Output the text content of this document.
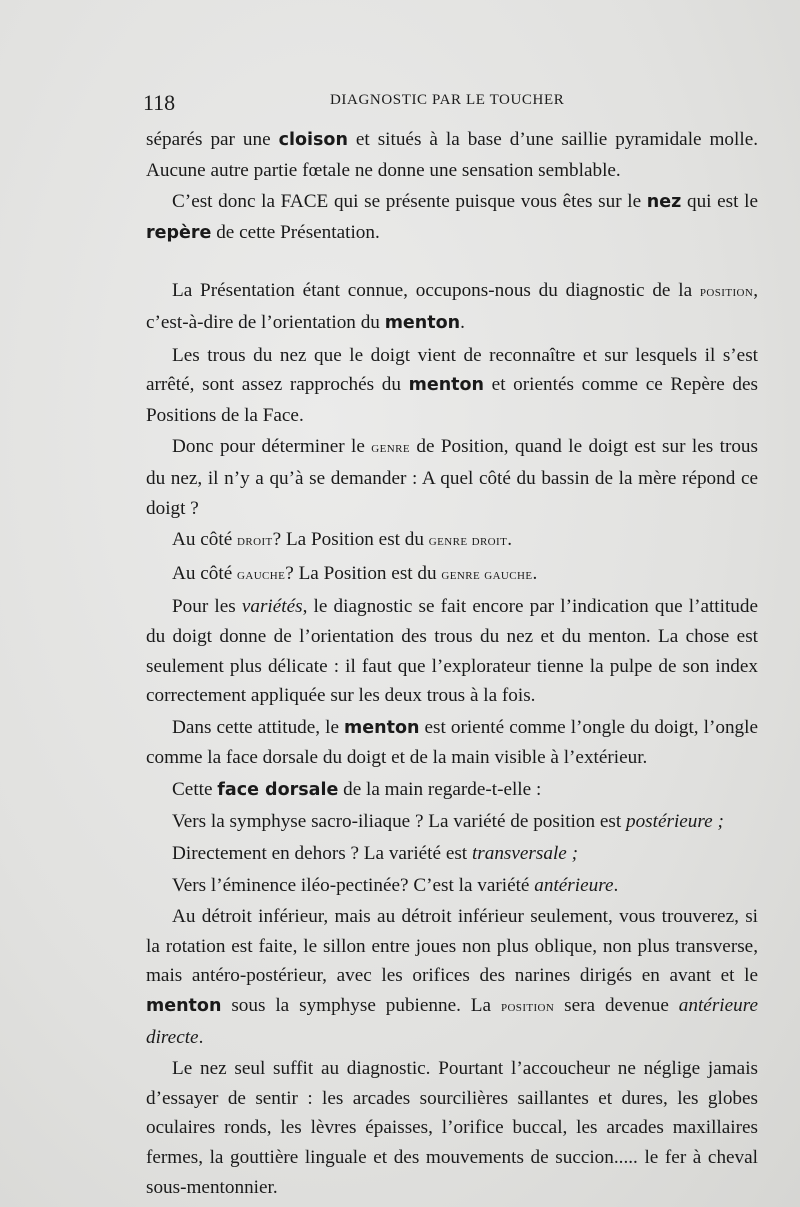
118	DIAGNOSTIC PAR LE TOUCHER

séparés par une cloison et situés à la base d’une saillie pyramidale molle. Aucune autre partie fœtale ne donne une sensation semblable.

C’est donc la FACE qui se présente puisque vous êtes sur le nez qui est le repère de cette Présentation.

La Présentation étant connue, occupons-nous du diagnostic de la position, c’est-à-dire de l’orientation du menton.

Les trous du nez que le doigt vient de reconnaître et sur lesquels il s’est arrêté, sont assez rapprochés du menton et orientés comme ce Repère des Positions de la Face.

Donc pour déterminer le genre de Position, quand le doigt est sur les trous du nez, il n’y a qu’à se demander : A quel côté du bassin de la mère répond ce doigt ?

Au côté droit? La Position est du genre droit.

Au côté gauche? La Position est du genre gauche.

Pour les variétés, le diagnostic se fait encore par l’indication que l’attitude du doigt donne de l’orientation des trous du nez et du menton. La chose est seulement plus délicate : il faut que l’explorateur tienne la pulpe de son index correctement appliquée sur les deux trous à la fois.

Dans cette attitude, le menton est orienté comme l’ongle du doigt, l’ongle comme la face dorsale du doigt et de la main visible à l’extérieur.

Cette face dorsale de la main regarde-t-elle :

Vers la symphyse sacro-iliaque ? La variété de position est postérieure ;

Directement en dehors ? La variété est transversale ;

Vers l’éminence iléo-pectinée? C’est la variété antérieure.

Au détroit inférieur, mais au détroit inférieur seulement, vous trouverez, si la rotation est faite, le sillon entre joues non plus oblique, non plus transverse, mais antéro-postérieur, avec les orifices des narines dirigés en avant et le menton sous la symphyse pubienne. La position sera devenue antérieure directe.

Le nez seul suffit au diagnostic. Pourtant l’accoucheur ne néglige jamais d’essayer de sentir : les arcades sourcilières saillantes et dures, les globes oculaires ronds, les lèvres épaisses, l’orifice buccal, les arcades maxillaires fermes, la gouttière linguale et des mouvements de succion..... le fer à cheval sous-mentonnier.
